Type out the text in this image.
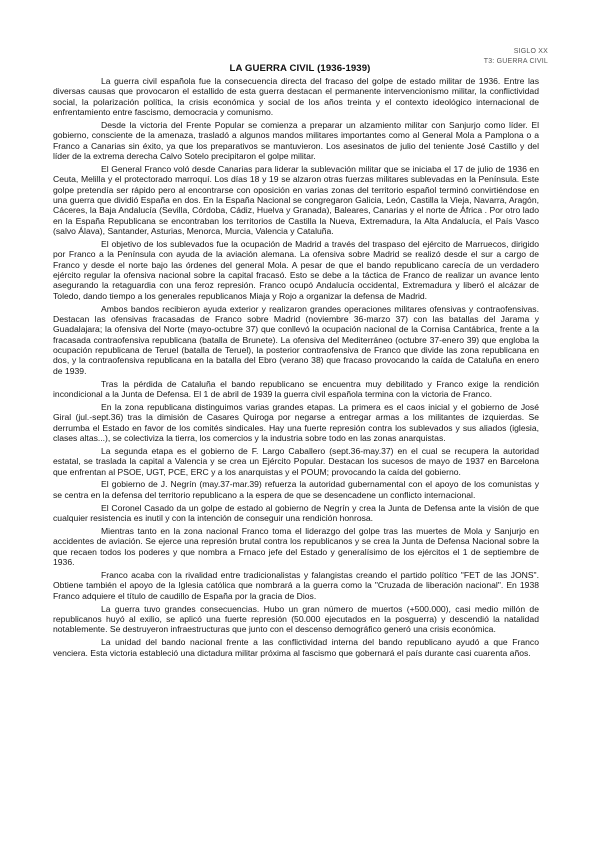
SIGLO XX
T3: GUERRA CIVIL
LA GUERRA CIVIL (1936-1939)

La guerra civil española fue la consecuencia directa del fracaso del golpe de estado militar de 1936. Entre las diversas causas que provocaron el estallido de esta guerra destacan el permanente intervencionismo militar, la conflictividad social, la polarización política, la crisis económica y social de los años treinta y el contexto ideológico internacional de enfrentamiento entre fascismo, democracia y comunismo.

Desde la victoria del Frente Popular se comienza a preparar un alzamiento militar con Sanjurjo como líder. El gobierno, consciente de la amenaza, trasladó a algunos mandos militares importantes como al General Mola a Pamplona o a Franco a Canarias sin éxito, ya que los preparativos se mantuvieron. Los asesinatos de julio del teniente José Castillo y del líder de la extrema derecha Calvo Sotelo precipitaron el golpe militar.

El General Franco voló desde Canarias para liderar la sublevación militar que se iniciaba el 17 de julio de 1936 en Ceuta, Melilla y el protectorado marroquí. Los días 18 y 19 se alzaron otras fuerzas militares sublevadas en la Península. Este golpe pretendía ser rápido pero al encontrarse con oposición en varias zonas del territorio español terminó convirtiéndose en una guerra que dividió España en dos. En la España Nacional se congregaron Galicia, León, Castilla la Vieja, Navarra, Aragón, Cáceres, la Baja Andalucía (Sevilla, Córdoba, Cádiz, Huelva y Granada), Baleares, Canarias y el norte de África . Por otro lado en la España Republicana se encontraban los territorios de Castilla la Nueva, Extremadura, la Alta Andalucía, el País Vasco (salvo Álava), Santander, Asturias, Menorca, Murcia, Valencia y Cataluña.

El objetivo de los sublevados fue la ocupación de Madrid a través del traspaso del ejército de Marruecos, dirigido por Franco a la Península con ayuda de la aviación alemana. La ofensiva sobre Madrid se realizó desde el sur a cargo de Franco y desde el norte bajo las órdenes del general Mola. A pesar de que el bando republicano carecía de un verdadero ejército regular la ofensiva nacional sobre la capital fracasó. Esto se debe a la táctica de Franco de realizar un avance lento asegurando la retaguardia con una feroz represión. Franco ocupó Andalucía occidental, Extremadura y liberó el alcázar de Toledo, dando tiempo a los generales republicanos Miaja y Rojo a organizar la defensa de Madrid.

Ambos bandos recibieron ayuda exterior y realizaron grandes operaciones militares ofensivas y contraofensivas. Destacan las ofensivas fracasadas de Franco sobre Madrid (noviembre 36-marzo 37) con las batallas del Jarama y Guadalajara; la ofensiva del Norte (mayo-octubre 37) que conllevó la ocupación nacional de la Cornisa Cantábrica, frente a la fracasada contraofensiva republicana (batalla de Brunete). La ofensiva del Mediterráneo (octubre 37-enero 39) que engloba la ocupación republicana de Teruel (batalla de Teruel), la posterior contraofensiva de Franco que divide las zona republicana en dos, y la contraofensiva republicana en la batalla del Ebro (verano 38) que fracaso provocando la caída de Cataluña en enero de 1939.

Tras la pérdida de Cataluña el bando republicano se encuentra muy debilitado y Franco exige la rendición incondicional a la Junta de Defensa. El 1 de abril de 1939 la guerra civil española termina con la victoria de Franco.

En la zona republicana distinguimos varias grandes etapas. La primera es el caos inicial y el gobierno de José Giral (jul.-sept.36) tras la dimisión de Casares Quiroga por negarse a entregar armas a los militantes de izquierdas. Se derrumba el Estado en favor de los comités sindicales. Hay una fuerte represión contra los sublevados y sus aliados (iglesia, clases altas...), se colectiviza la tierra, los comercios y la industria sobre todo en las zonas anarquistas.

La segunda etapa es el gobierno de F. Largo Caballero (sept.36-may.37) en el cual se recupera la autoridad estatal, se traslada la capital a Valencia y se crea un Ejército Popular. Destacan los sucesos de mayo de 1937 en Barcelona que enfrentan al PSOE, UGT, PCE, ERC y a los anarquistas y el POUM; provocando la caída del gobierno.

El gobierno de J. Negrín (may.37-mar.39) refuerza la autoridad gubernamental con el apoyo de los comunistas y se centra en la defensa del territorio republicano a la espera de que se desencadene un conflicto internacional.

El Coronel Casado da un golpe de estado al gobierno de Negrín y crea la Junta de Defensa ante la visión de que cualquier resistencia es inutil y con la intención de conseguir una rendición honrosa.

Mientras tanto en la zona nacional Franco toma el liderazgo del golpe tras las muertes de Mola y Sanjurjo en accidentes de aviación. Se ejerce una represión brutal contra los republicanos y se crea la Junta de Defensa Nacional sobre la que recaen todos los poderes y que nombra a Frnaco jefe del Estado y generalísimo de los ejércitos el 1 de septiembre de 1936.

Franco acaba con la rivalidad entre tradicionalistas y falangistas creando el partido político "FET de las JONS". Obtiene también el apoyo de la Iglesia católica que nombrará a la guerra como la "Cruzada de liberación nacional". En 1938 Franco adquiere el título de caudillo de España por la gracia de Dios.

La guerra tuvo grandes consecuencias. Hubo un gran número de muertos (+500.000), casi medio millón de republicanos huyó al exilio, se aplicó una fuerte represión (50.000 ejecutados en la posguerra) y descendió la natalidad notablemente. Se destruyeron infraestructuras que junto con el descenso demográfico generó una crisis económica.

La unidad del bando nacional frente a las conflictividad interna del bando republicano ayudó a que Franco venciera. Esta victoria estableció una dictadura militar próxima al fascismo que gobernará el país durante casi cuarenta años.
